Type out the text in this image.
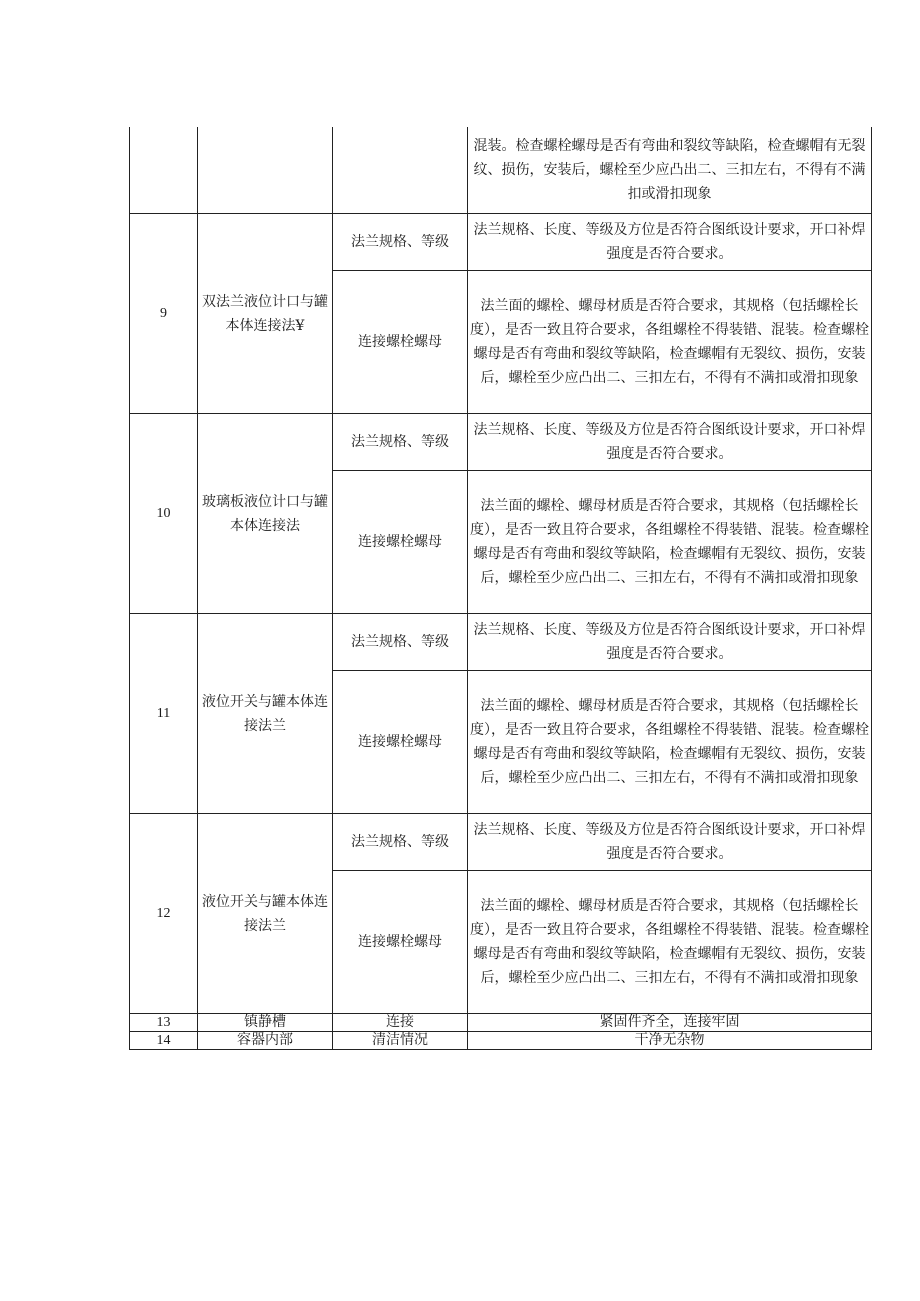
			混装。检查螺栓螺母是否有弯曲和裂纹等缺陷，检查螺帽有无裂纹、损伤，安装后，螺栓至少应凸出二、三扣左右，不得有不满扣或滑扣现象
9	双法兰液位计口与罐本体连接法¥	法兰规格、等级	法兰规格、长度、等级及方位是否符合图纸设计要求，开口补焊强度是否符合要求。
		连接螺栓螺母	法兰面的螺栓、螺母材质是否符合要求，其规格（包括螺栓长度），是否一致且符合要求，各组螺栓不得装错、混装。检查螺栓螺母是否有弯曲和裂纹等缺陷，检查螺帽有无裂纹、损伤，安装后，螺栓至少应凸出二、三扣左右，不得有不满扣或滑扣现象
10	玻璃板液位计口与罐本体连接法	法兰规格、等级	法兰规格、长度、等级及方位是否符合图纸设计要求，开口补焊强度是否符合要求。
		连接螺栓螺母	法兰面的螺栓、螺母材质是否符合要求，其规格（包括螺栓长度），是否一致且符合要求，各组螺栓不得装错、混装。检查螺栓螺母是否有弯曲和裂纹等缺陷，检查螺帽有无裂纹、损伤，安装后，螺栓至少应凸出二、三扣左右，不得有不满扣或滑扣现象
11	液位开关与罐本体连接法兰	法兰规格、等级	法兰规格、长度、等级及方位是否符合图纸设计要求，开口补焊强度是否符合要求。
		连接螺栓螺母	法兰面的螺栓、螺母材质是否符合要求，其规格（包括螺栓长度），是否一致且符合要求，各组螺栓不得装错、混装。检查螺栓螺母是否有弯曲和裂纹等缺陷，检查螺帽有无裂纹、损伤，安装后，螺栓至少应凸出二、三扣左右，不得有不满扣或滑扣现象
12	液位开关与罐本体连接法兰	法兰规格、等级	法兰规格、长度、等级及方位是否符合图纸设计要求，开口补焊强度是否符合要求。
		连接螺栓螺母	法兰面的螺栓、螺母材质是否符合要求，其规格（包括螺栓长度），是否一致且符合要求，各组螺栓不得装错、混装。检查螺栓螺母是否有弯曲和裂纹等缺陷，检查螺帽有无裂纹、损伤，安装后，螺栓至少应凸出二、三扣左右，不得有不满扣或滑扣现象
13	镇静槽	连接	紧固件齐全，连接牢固
14	容器内部	清洁情况	干净无杂物
